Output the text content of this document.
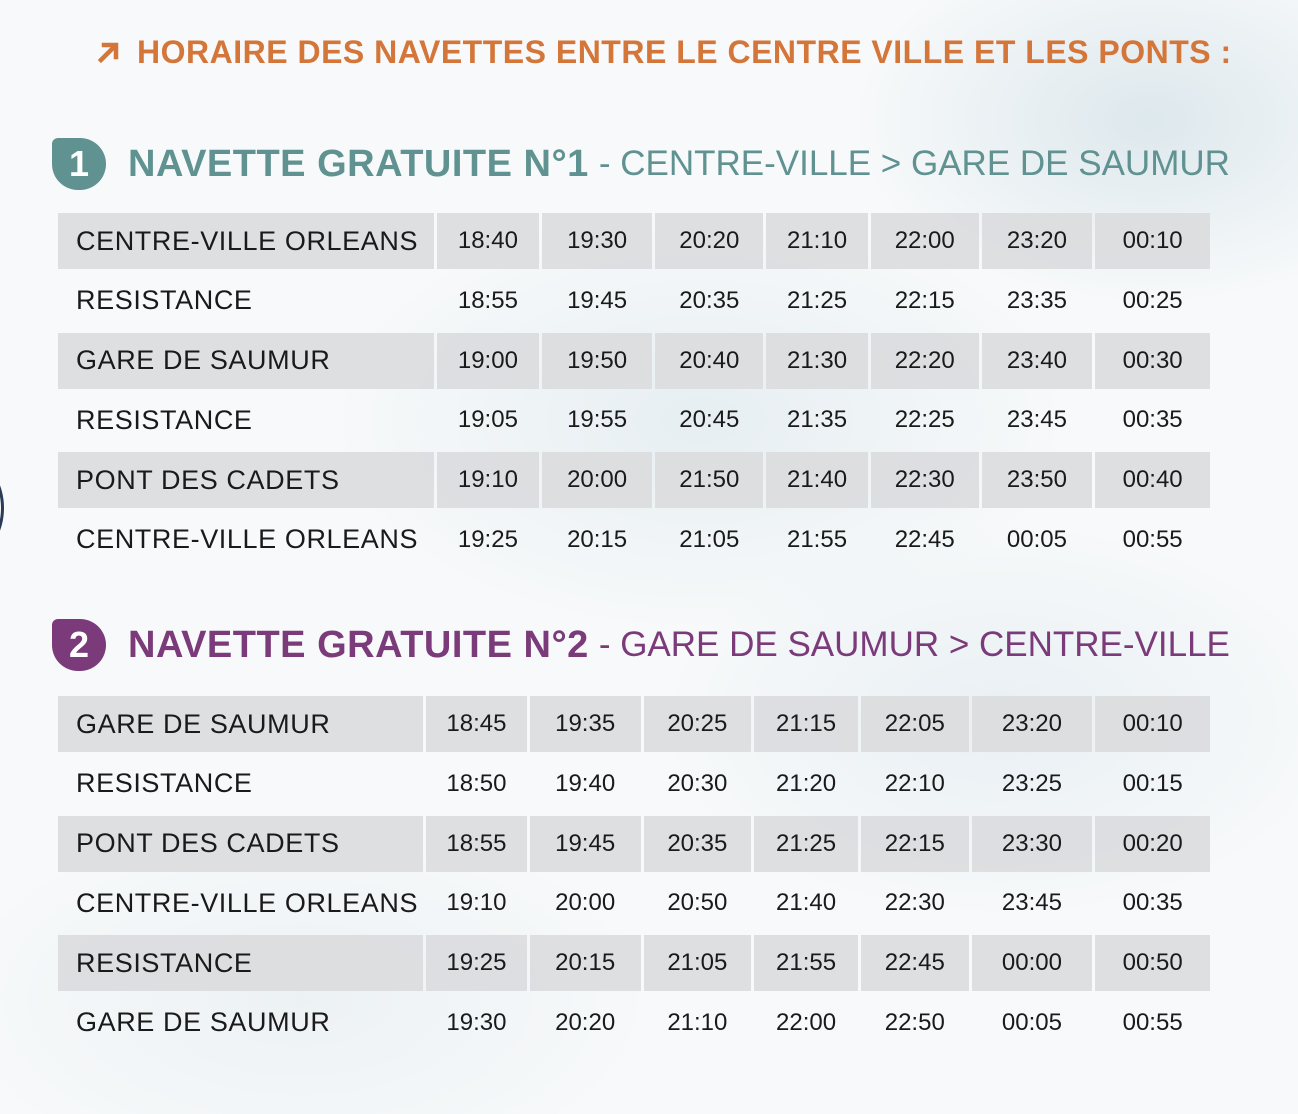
HORAIRE DES NAVETTES ENTRE LE CENTRE VILLE ET LES PONTS :
1	NAVETTE GRATUITE N°1 - CENTRE-VILLE > GARE DE SAUMUR
CENTRE-VILLE ORLEANS	18:40	19:30	20:20	21:10	22:00	23:20	00:10
RESISTANCE	18:55	19:45	20:35	21:25	22:15	23:35	00:25
GARE DE SAUMUR	19:00	19:50	20:40	21:30	22:20	23:40	00:30
RESISTANCE	19:05	19:55	20:45	21:35	22:25	23:45	00:35
PONT DES CADETS	19:10	20:00	21:50	21:40	22:30	23:50	00:40
CENTRE-VILLE ORLEANS	19:25	20:15	21:05	21:55	22:45	00:05	00:55
2	NAVETTE GRATUITE N°2 - GARE DE SAUMUR > CENTRE-VILLE
GARE DE SAUMUR	18:45	19:35	20:25	21:15	22:05	23:20	00:10
RESISTANCE	18:50	19:40	20:30	21:20	22:10	23:25	00:15
PONT DES CADETS	18:55	19:45	20:35	21:25	22:15	23:30	00:20
CENTRE-VILLE ORLEANS	19:10	20:00	20:50	21:40	22:30	23:45	00:35
RESISTANCE	19:25	20:15	21:05	21:55	22:45	00:00	00:50
GARE DE SAUMUR	19:30	20:20	21:10	22:00	22:50	00:05	00:55
